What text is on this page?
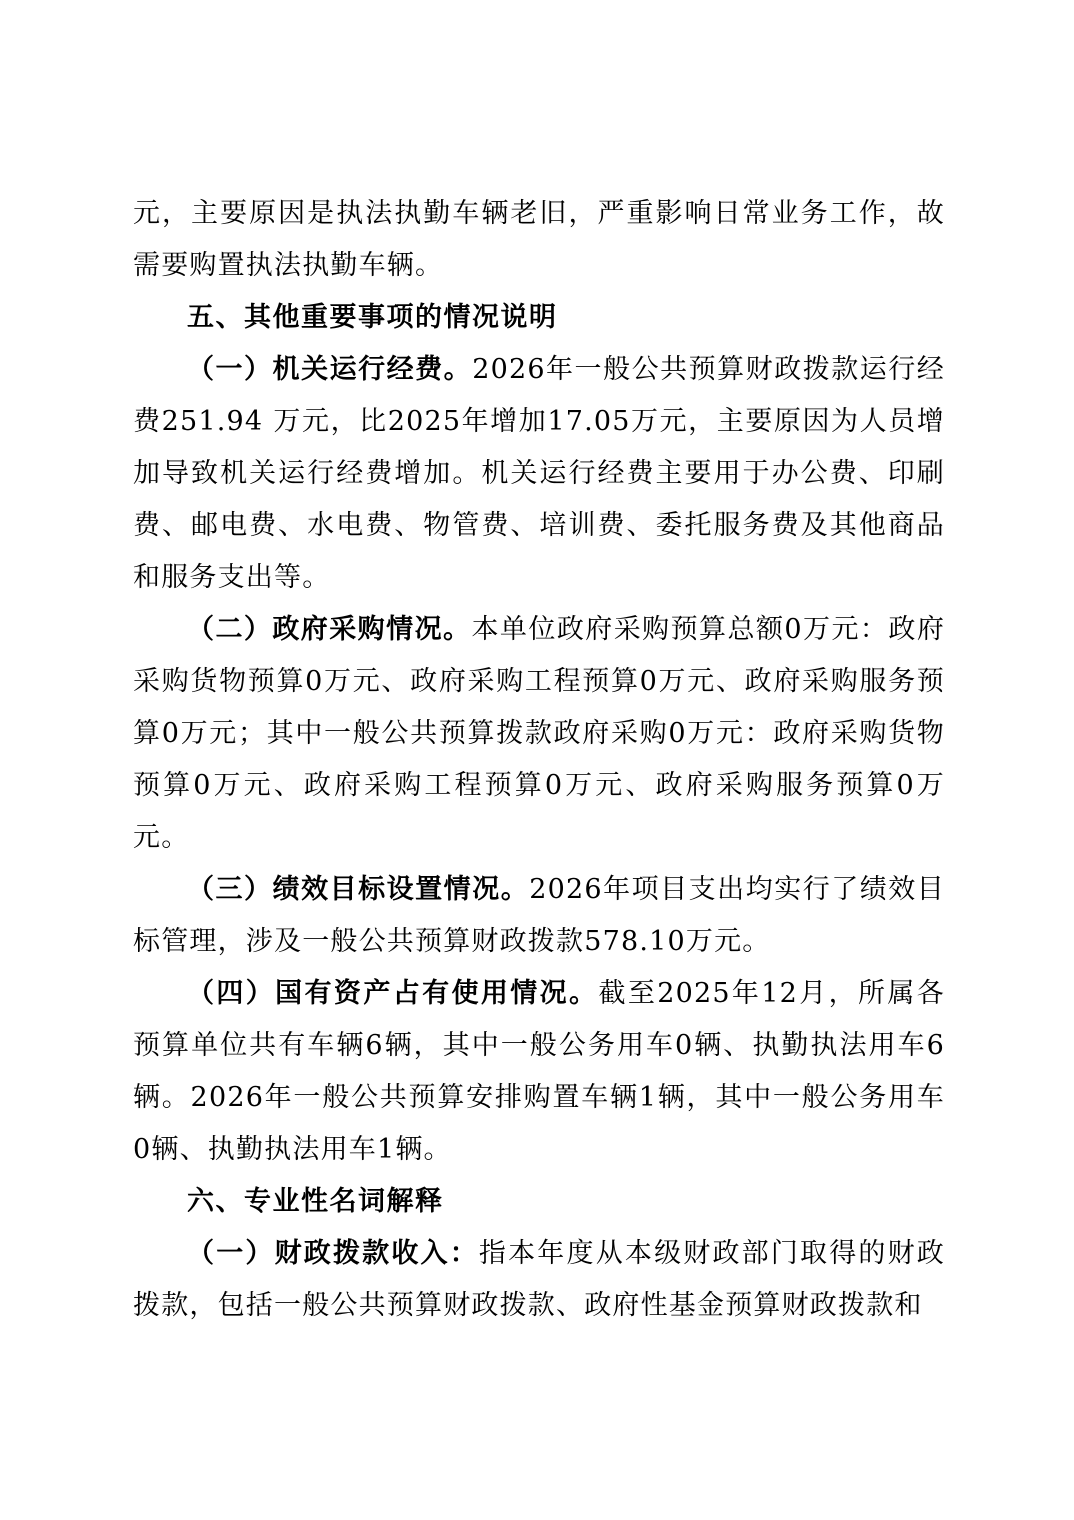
元，主要原因是执法执勤车辆老旧，严重影响日常业务工作，故需要购置执法执勤车辆。

五、其他重要事项的情况说明

（一）机关运行经费。2026年一般公共预算财政拨款运行经费251.94 万元，比2025年增加17.05万元，主要原因为人员增加导致机关运行经费增加。机关运行经费主要用于办公费、印刷费、邮电费、水电费、物管费、培训费、委托服务费及其他商品和服务支出等。

（二）政府采购情况。本单位政府采购预算总额0万元：政府采购货物预算0万元、政府采购工程预算0万元、政府采购服务预算0万元；其中一般公共预算拨款政府采购0万元：政府采购货物预算0万元、政府采购工程预算0万元、政府采购服务预算0万元。

（三）绩效目标设置情况。2026年项目支出均实行了绩效目标管理，涉及一般公共预算财政拨款578.10万元。

（四）国有资产占有使用情况。截至2025年12月，所属各预算单位共有车辆6辆，其中一般公务用车0辆、执勤执法用车6辆。2026年一般公共预算安排购置车辆1辆，其中一般公务用车0辆、执勤执法用车1辆。

六、专业性名词解释

（一）财政拨款收入：指本年度从本级财政部门取得的财政拨款，包括一般公共预算财政拨款、政府性基金预算财政拨款和
